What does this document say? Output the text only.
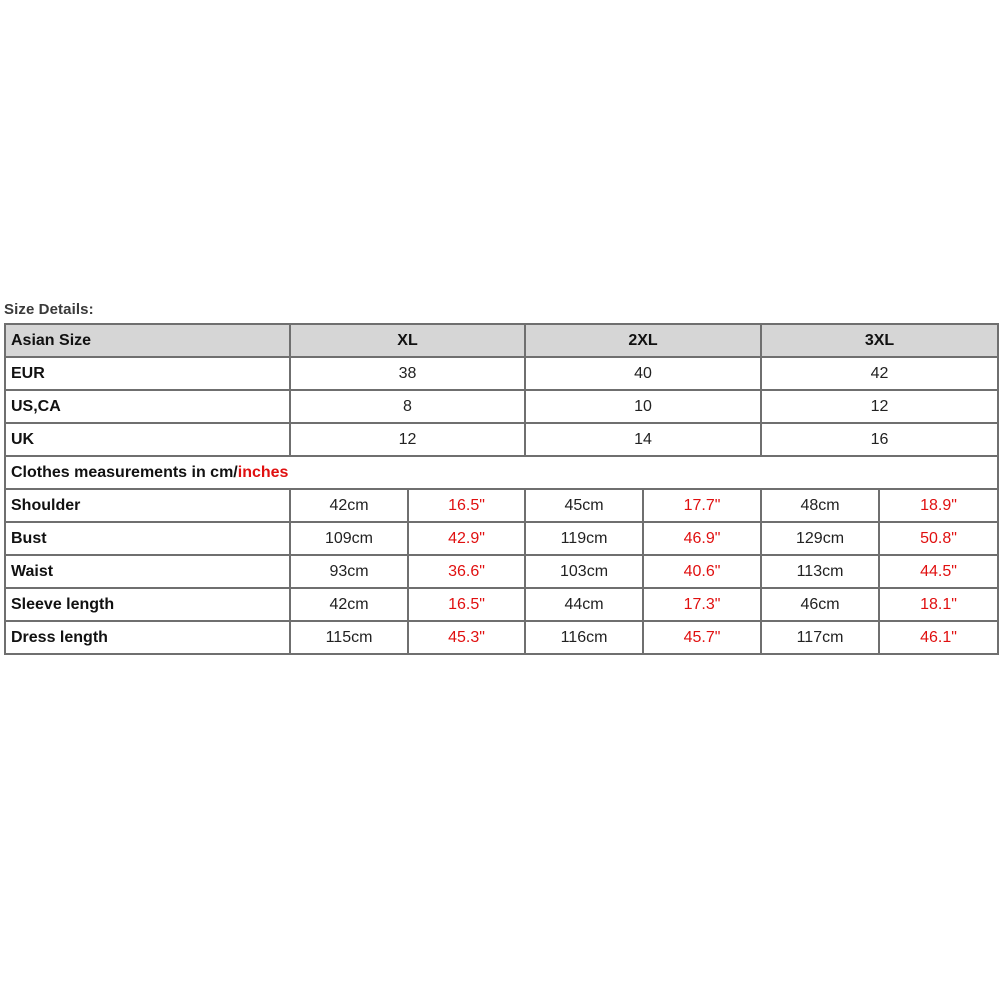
Size Details:
Asian Size	XL		2XL		3XL	
EUR	38		40		42	
US,CA	8		10		12	
UK	12		14		16	
Clothes measurements in cm/inches						
Shoulder	42cm	16.5"	45cm	17.7"	48cm	18.9"
Bust	109cm	42.9"	119cm	46.9"	129cm	50.8"
Waist	93cm	36.6"	103cm	40.6"	113cm	44.5"
Sleeve length	42cm	16.5"	44cm	17.3"	46cm	18.1"
Dress length	115cm	45.3"	116cm	45.7"	117cm	46.1"
